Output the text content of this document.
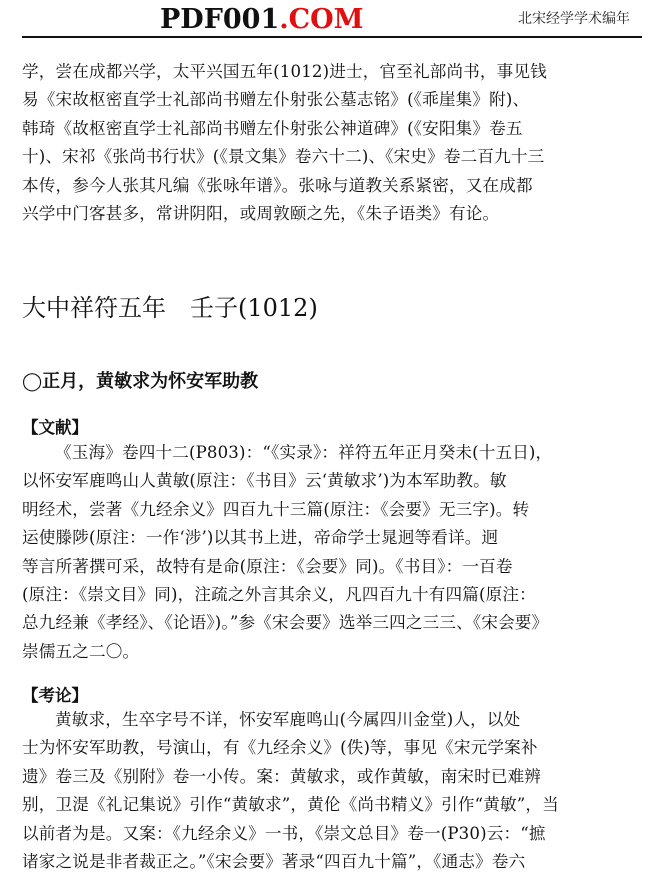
PDF001.COM	北宋经学学术编年

学，尝在成都兴学，太平兴国五年(1012)进士，官至礼部尚书，事见钱
易《宋故枢密直学士礼部尚书赠左仆射张公墓志铭》(《乖崖集》附)、
韩琦《故枢密直学士礼部尚书赠左仆射张公神道碑》(《安阳集》卷五
十)、宋祁《张尚书行状》(《景文集》卷六十二)、《宋史》卷二百九十三
本传，参今人张其凡编《张咏年谱》。张咏与道教关系紧密，又在成都
兴学中门客甚多，常讲阴阳，或周敦颐之先，《朱子语类》有论。

大中祥符五年　壬子(1012)
◯正月，黄敏求为怀安军助教
【文献】

《玉海》卷四十二(P803)：“《实录》：祥符五年正月癸未(十五日)，
以怀安军鹿鸣山人黄敏(原注：《书目》云‘黄敏求’)为本军助教。敏
明经术，尝著《九经余义》四百九十三篇(原注：《会要》无三字)。转
运使滕陟(原注：一作‘涉’)以其书上进，帝命学士晁迥等看详。迥
等言所著撰可采，故特有是命(原注：《会要》同)。《书目》：一百卷
(原注：《崇文目》同)，注疏之外言其余义，凡四百九十有四篇(原注：
总九经兼《孝经》、《论语》)。”参《宋会要》选举三四之三三、《宋会要》
崇儒五之二〇。

【考论】

黄敏求，生卒字号不详，怀安军鹿鸣山(今属四川金堂)人，以处
士为怀安军助教，号演山，有《九经余义》(佚)等，事见《宋元学案补
遗》卷三及《别附》卷一小传。案：黄敏求，或作黄敏，南宋时已难辨
别，卫湜《礼记集说》引作“黄敏求”，黄伦《尚书精义》引作“黄敏”，当
以前者为是。又案：《九经余义》一书，《崇文总目》卷一(P30)云：“摭
诸家之说是非者裁正之。”《宋会要》著录“四百九十篇”，《通志》卷六
